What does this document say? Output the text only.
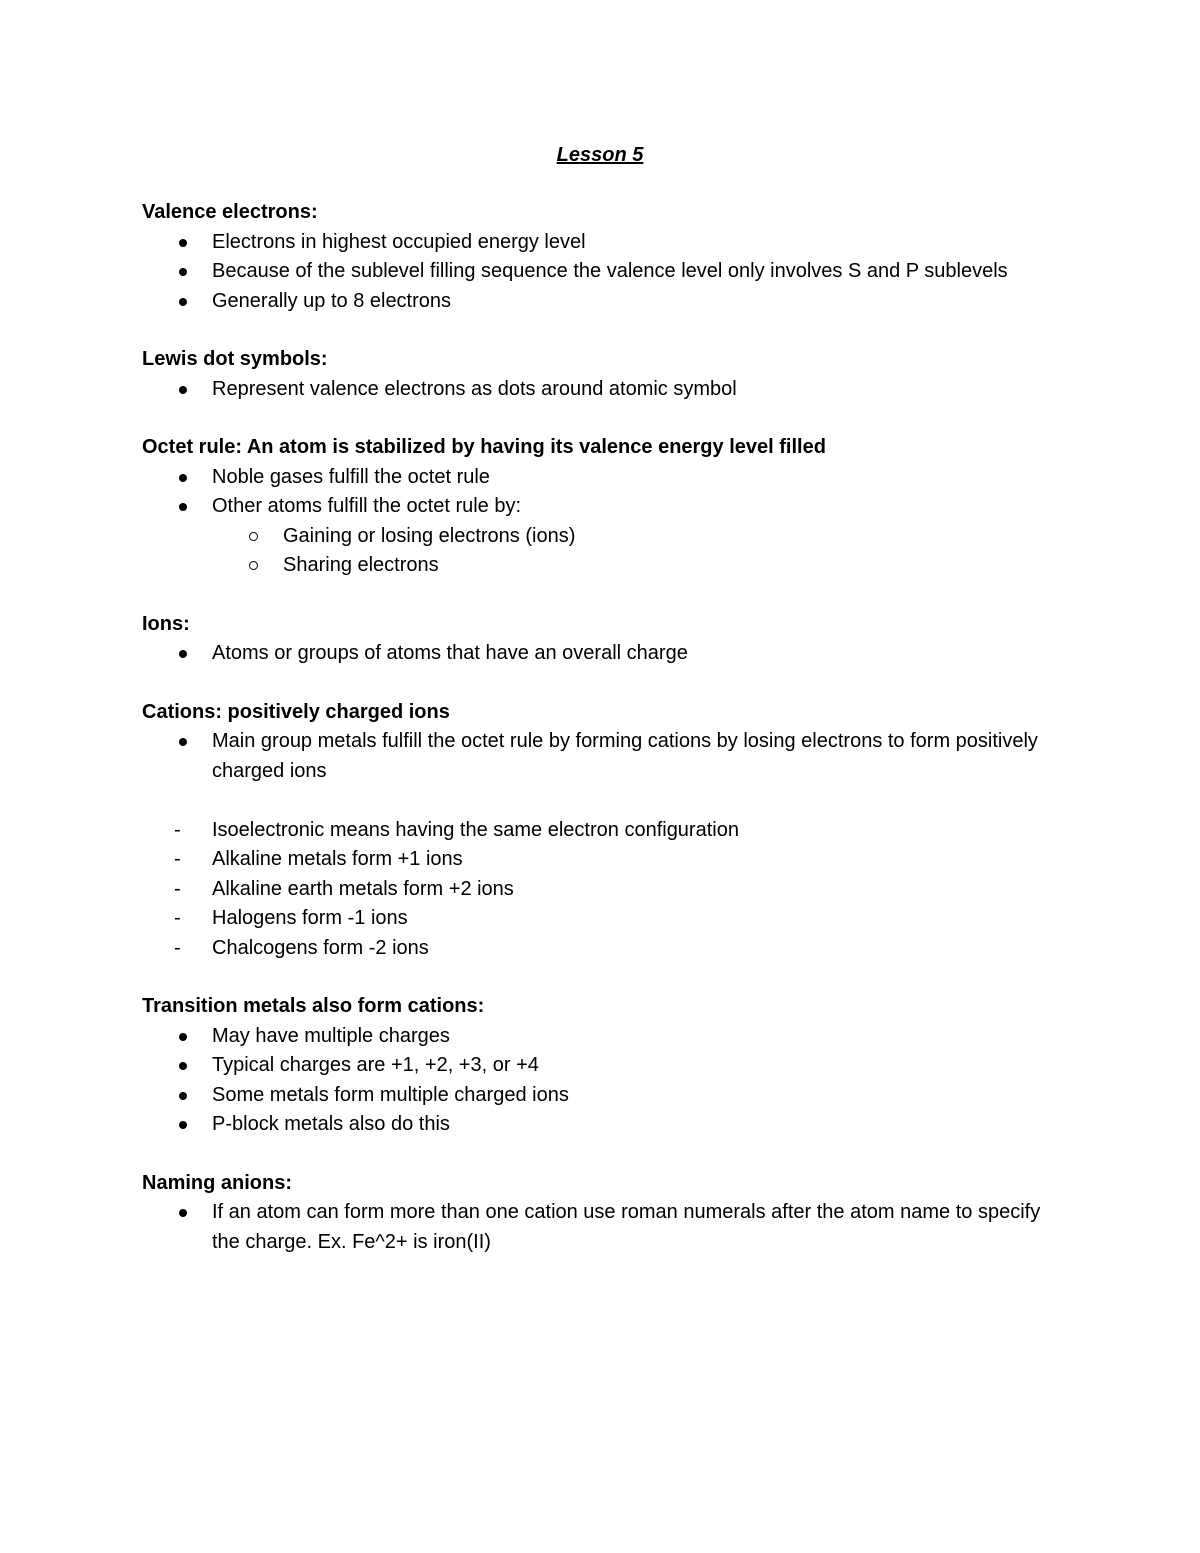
Lesson 5

Valence electrons:

Electrons in highest occupied energy level
Because of the sublevel filling sequence the valence level only involves S and P sublevels
Generally up to 8 electrons

Lewis dot symbols:

Represent valence electrons as dots around atomic symbol

Octet rule: An atom is stabilized by having its valence energy level filled

Noble gases fulfill the octet rule
Other atoms fulfill the octet rule by:
Gaining or losing electrons (ions)
Sharing electrons

Ions:

Atoms or groups of atoms that have an overall charge

Cations: positively charged ions

Main group metals fulfill the octet rule by forming cations by losing electrons to form positively charged ions
- Isoelectronic means having the same electron configuration
- Alkaline metals form +1 ions
- Alkaline earth metals form +2 ions
- Halogens form -1 ions
- Chalcogens form -2 ions

Transition metals also form cations:

May have multiple charges
Typical charges are +1, +2, +3, or +4
Some metals form multiple charged ions
P-block metals also do this

Naming anions:

If an atom can form more than one cation use roman numerals after the atom name to specify the charge. Ex. Fe^2+ is iron(II)
